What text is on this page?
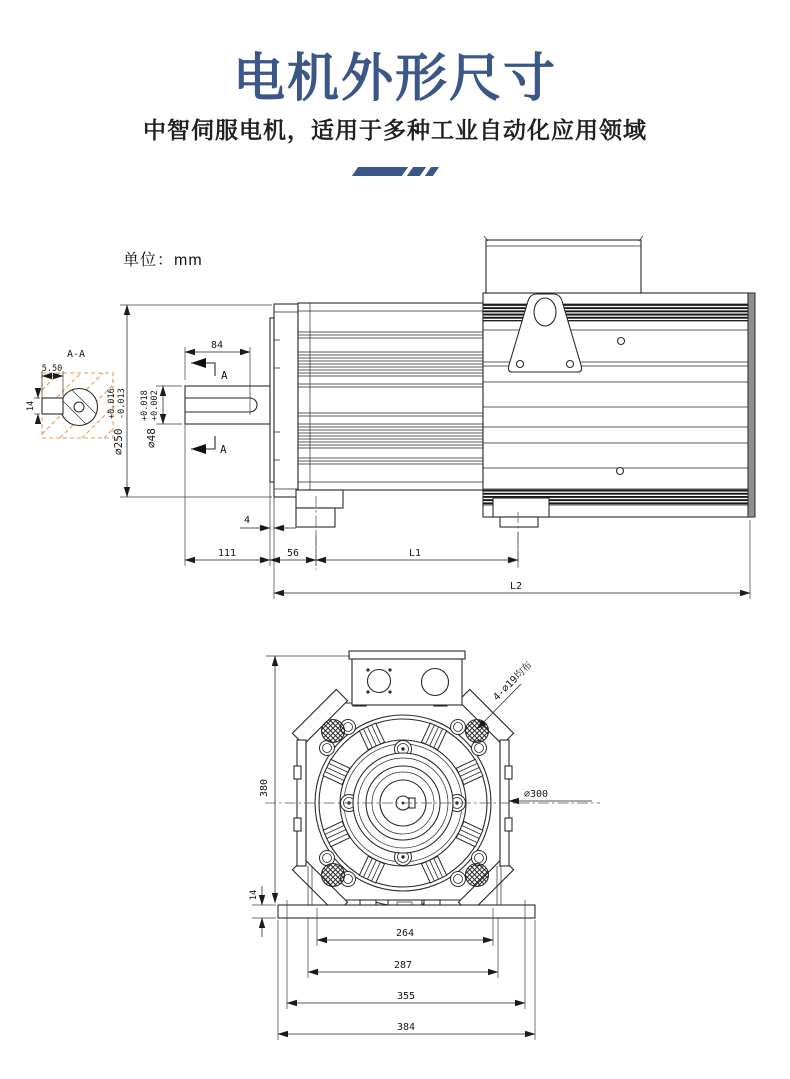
电机外形尺寸
中智伺服电机，适用于多种工业自动化应用领域
单位：mm
A-A
5.50
14
⌀250
+0.016 -0.013
⌀48
+0.018 +0.002
84
A
A
4
111	56	L1
L2
380
14
⌀300
4-⌀19均布
264
287
355
384
